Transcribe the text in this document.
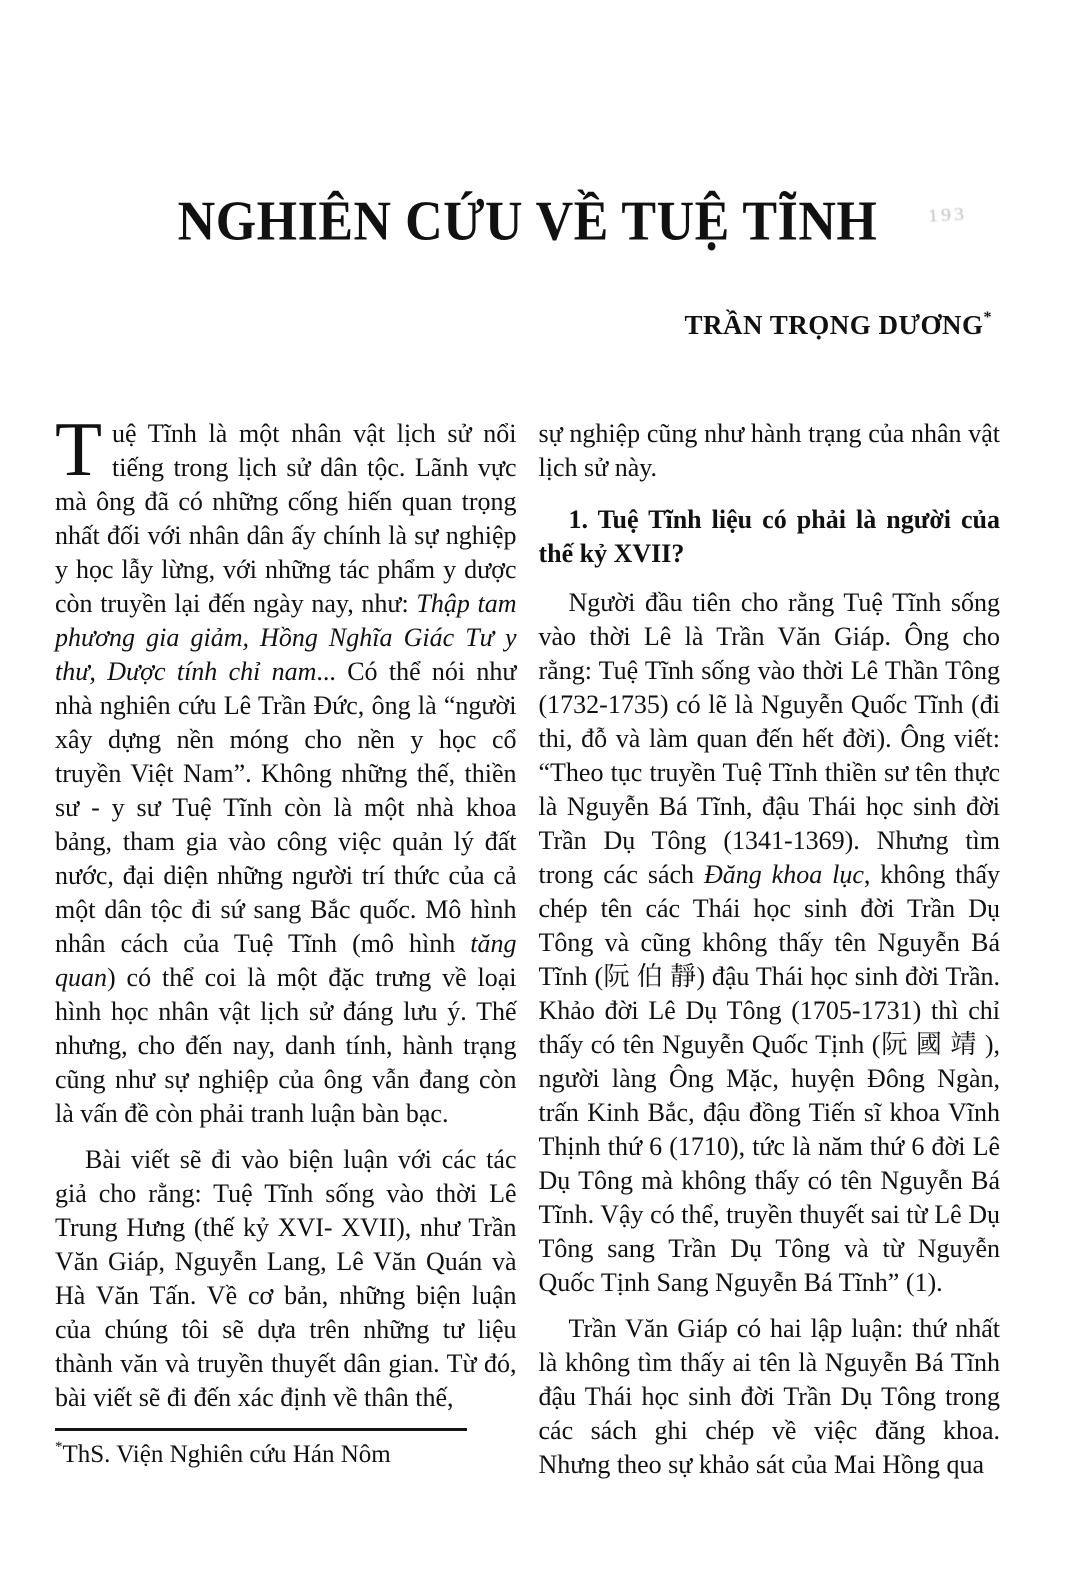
193
NGHIÊN CỨU VỀ TUỆ TĨNH
TRẦN TRỌNG DƯƠNG*

Tuệ Tĩnh là một nhân vật lịch sử nổi tiếng trong lịch sử dân tộc. Lãnh vực mà ông đã có những cống hiến quan trọng nhất đối với nhân dân ấy chính là sự nghiệp y học lẫy lừng, với những tác phẩm y dược còn truyền lại đến ngày nay, như: Thập tam phương gia giảm, Hồng Nghĩa Giác Tư y thư, Dược tính chỉ nam... Có thể nói như nhà nghiên cứu Lê Trần Đức, ông là “người xây dựng nền móng cho nền y học cổ truyền Việt Nam”. Không những thế, thiền sư - y sư Tuệ Tĩnh còn là một nhà khoa bảng, tham gia vào công việc quản lý đất nước, đại diện những người trí thức của cả một dân tộc đi sứ sang Bắc quốc. Mô hình nhân cách của Tuệ Tĩnh (mô hình tăng quan) có thể coi là một đặc trưng về loại hình học nhân vật lịch sử đáng lưu ý. Thế nhưng, cho đến nay, danh tính, hành trạng cũng như sự nghiệp của ông vẫn đang còn là vấn đề còn phải tranh luận bàn bạc.

Bài viết sẽ đi vào biện luận với các tác giả cho rằng: Tuệ Tĩnh sống vào thời Lê Trung Hưng (thế kỷ XVI- XVII), như Trần Văn Giáp, Nguyễn Lang, Lê Văn Quán và Hà Văn Tấn. Về cơ bản, những biện luận của chúng tôi sẽ dựa trên những tư liệu thành văn và truyền thuyết dân gian. Từ đó, bài viết sẽ đi đến xác định về thân thế,

sự nghiệp cũng như hành trạng của nhân vật lịch sử này.

1. Tuệ Tĩnh liệu có phải là người của thế kỷ XVII?

Người đầu tiên cho rằng Tuệ Tĩnh sống vào thời Lê là Trần Văn Giáp. Ông cho rằng: Tuệ Tĩnh sống vào thời Lê Thần Tông (1732-1735) có lẽ là Nguyễn Quốc Tĩnh (đi thi, đỗ và làm quan đến hết đời). Ông viết: “Theo tục truyền Tuệ Tĩnh thiền sư tên thực là Nguyễn Bá Tĩnh, đậu Thái học sinh đời Trần Dụ Tông (1341-1369). Nhưng tìm trong các sách Đăng khoa lục, không thấy chép tên các Thái học sinh đời Trần Dụ Tông và cũng không thấy tên Nguyễn Bá Tĩnh (阮 伯 靜) đậu Thái học sinh đời Trần. Khảo đời Lê Dụ Tông (1705-1731) thì chỉ thấy có tên Nguyễn Quốc Tịnh (阮 國 靖 ), người làng Ông Mặc, huyện Đông Ngàn, trấn Kinh Bắc, đậu đồng Tiến sĩ khoa Vĩnh Thịnh thứ 6 (1710), tức là năm thứ 6 đời Lê Dụ Tông mà không thấy có tên Nguyễn Bá Tĩnh. Vậy có thể, truyền thuyết sai từ Lê Dụ Tông sang Trần Dụ Tông và từ Nguyễn Quốc Tịnh Sang Nguyễn Bá Tĩnh” (1).

Trần Văn Giáp có hai lập luận: thứ nhất là không tìm thấy ai tên là Nguyễn Bá Tĩnh đậu Thái học sinh đời Trần Dụ Tông trong các sách ghi chép về việc đăng khoa. Nhưng theo sự khảo sát của Mai Hồng qua

*ThS. Viện Nghiên cứu Hán Nôm
